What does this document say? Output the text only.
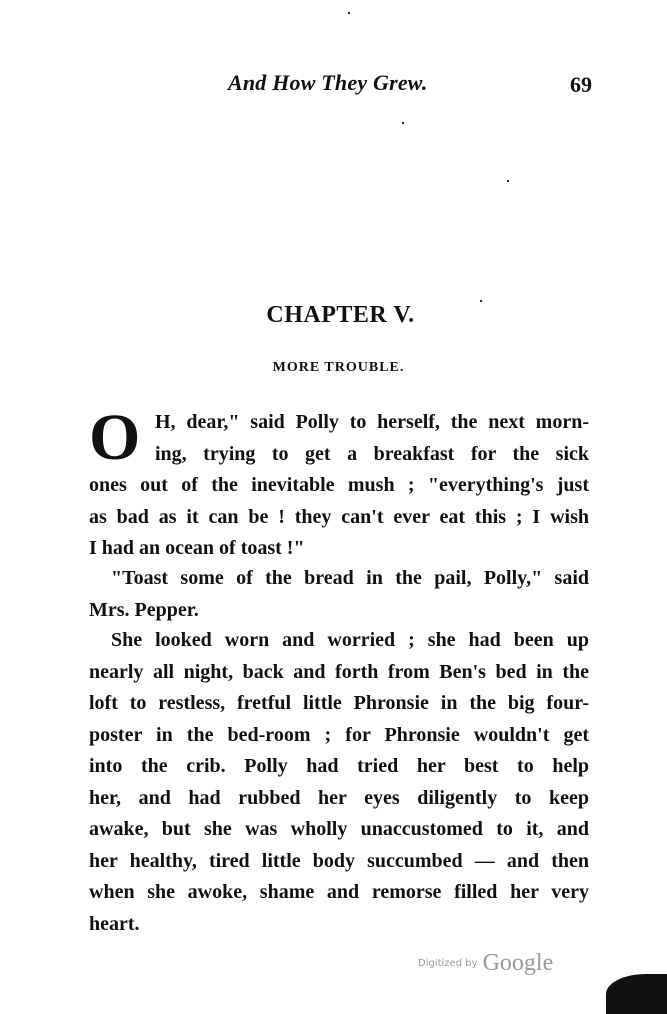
And How They Grew.	69
CHAPTER V.
MORE TROUBLE.
O H, dear," said Polly to herself, the next morn-
ing, trying to get a breakfast for the sick
ones out of the inevitable mush ; "everything's just
as bad as it can be ! they can't ever eat this ; I wish
I had an ocean of toast !"
"Toast some of the bread in the pail, Polly," said
Mrs. Pepper.
She looked worn and worried ; she had been up
nearly all night, back and forth from Ben's bed in the
loft to restless, fretful little Phronsie in the big four-
poster in the bed-room ; for Phronsie wouldn't get
into the crib. Polly had tried her best to help
her, and had rubbed her eyes diligently to keep
awake, but she was wholly unaccustomed to it, and
her healthy, tired little body succumbed — and then
when she awoke, shame and remorse filled her very
heart.
Digitized by Google
